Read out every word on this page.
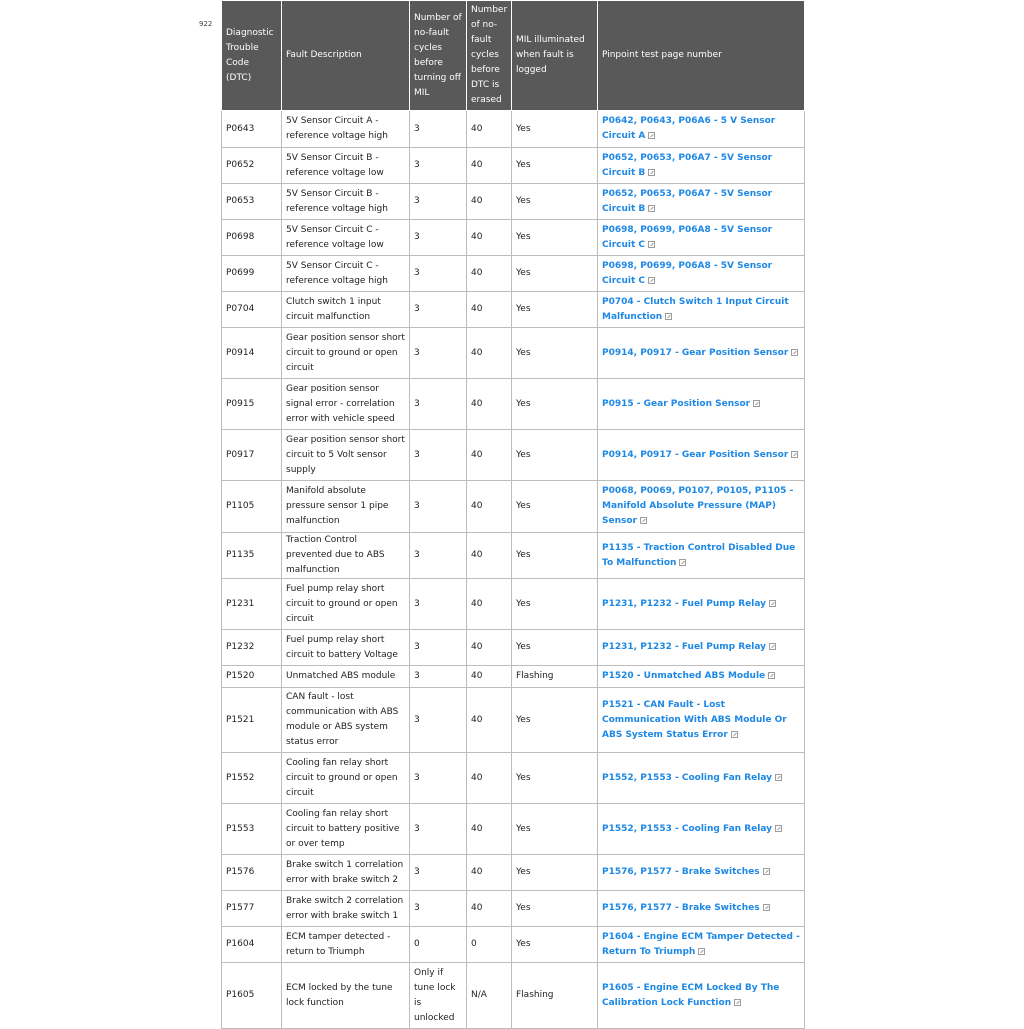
922
Diagnostic Trouble Code (DTC)	Fault Description	Number of no-fault cycles before turning off MIL	Number of no-fault cycles before DTC is erased	MIL illuminated when fault is logged	Pinpoint test page number
P0643	5V Sensor Circuit A - reference voltage high	3	40	Yes	P0642, P0643, P06A6 - 5 V Sensor Circuit A
P0652	5V Sensor Circuit B - reference voltage low	3	40	Yes	P0652, P0653, P06A7 - 5V Sensor Circuit B
P0653	5V Sensor Circuit B - reference voltage high	3	40	Yes	P0652, P0653, P06A7 - 5V Sensor Circuit B
P0698	5V Sensor Circuit C - reference voltage low	3	40	Yes	P0698, P0699, P06A8 - 5V Sensor Circuit C
P0699	5V Sensor Circuit C - reference voltage high	3	40	Yes	P0698, P0699, P06A8 - 5V Sensor Circuit C
P0704	Clutch switch 1 input circuit malfunction	3	40	Yes	P0704 - Clutch Switch 1 Input Circuit Malfunction
P0914	Gear position sensor short circuit to ground or open circuit	3	40	Yes	P0914, P0917 - Gear Position Sensor
P0915	Gear position sensor signal error - correlation error with vehicle speed	3	40	Yes	P0915 - Gear Position Sensor
P0917	Gear position sensor short circuit to 5 Volt sensor supply	3	40	Yes	P0914, P0917 - Gear Position Sensor
P1105	Manifold absolute pressure sensor 1 pipe malfunction	3	40	Yes	P0068, P0069, P0107, P0105, P1105 - Manifold Absolute Pressure (MAP) Sensor
P1135	Traction Control prevented due to ABS malfunction	3	40	Yes	P1135 - Traction Control Disabled Due To Malfunction
P1231	Fuel pump relay short circuit to ground or open circuit	3	40	Yes	P1231, P1232 - Fuel Pump Relay
P1232	Fuel pump relay short circuit to battery Voltage	3	40	Yes	P1231, P1232 - Fuel Pump Relay
P1520	Unmatched ABS module	3	40	Flashing	P1520 - Unmatched ABS Module
P1521	CAN fault - lost communication with ABS module or ABS system status error	3	40	Yes	P1521 - CAN Fault - Lost Communication With ABS Module Or ABS System Status Error
P1552	Cooling fan relay short circuit to ground or open circuit	3	40	Yes	P1552, P1553 - Cooling Fan Relay
P1553	Cooling fan relay short circuit to battery positive or over temp	3	40	Yes	P1552, P1553 - Cooling Fan Relay
P1576	Brake switch 1 correlation error with brake switch 2	3	40	Yes	P1576, P1577 - Brake Switches
P1577	Brake switch 2 correlation error with brake switch 1	3	40	Yes	P1576, P1577 - Brake Switches
P1604	ECM tamper detected - return to Triumph	0	0	Yes	P1604 - Engine ECM Tamper Detected - Return To Triumph
P1605	ECM locked by the tune lock function	Only if tune lock is unlocked	N/A	Flashing	P1605 - Engine ECM Locked By The Calibration Lock Function
